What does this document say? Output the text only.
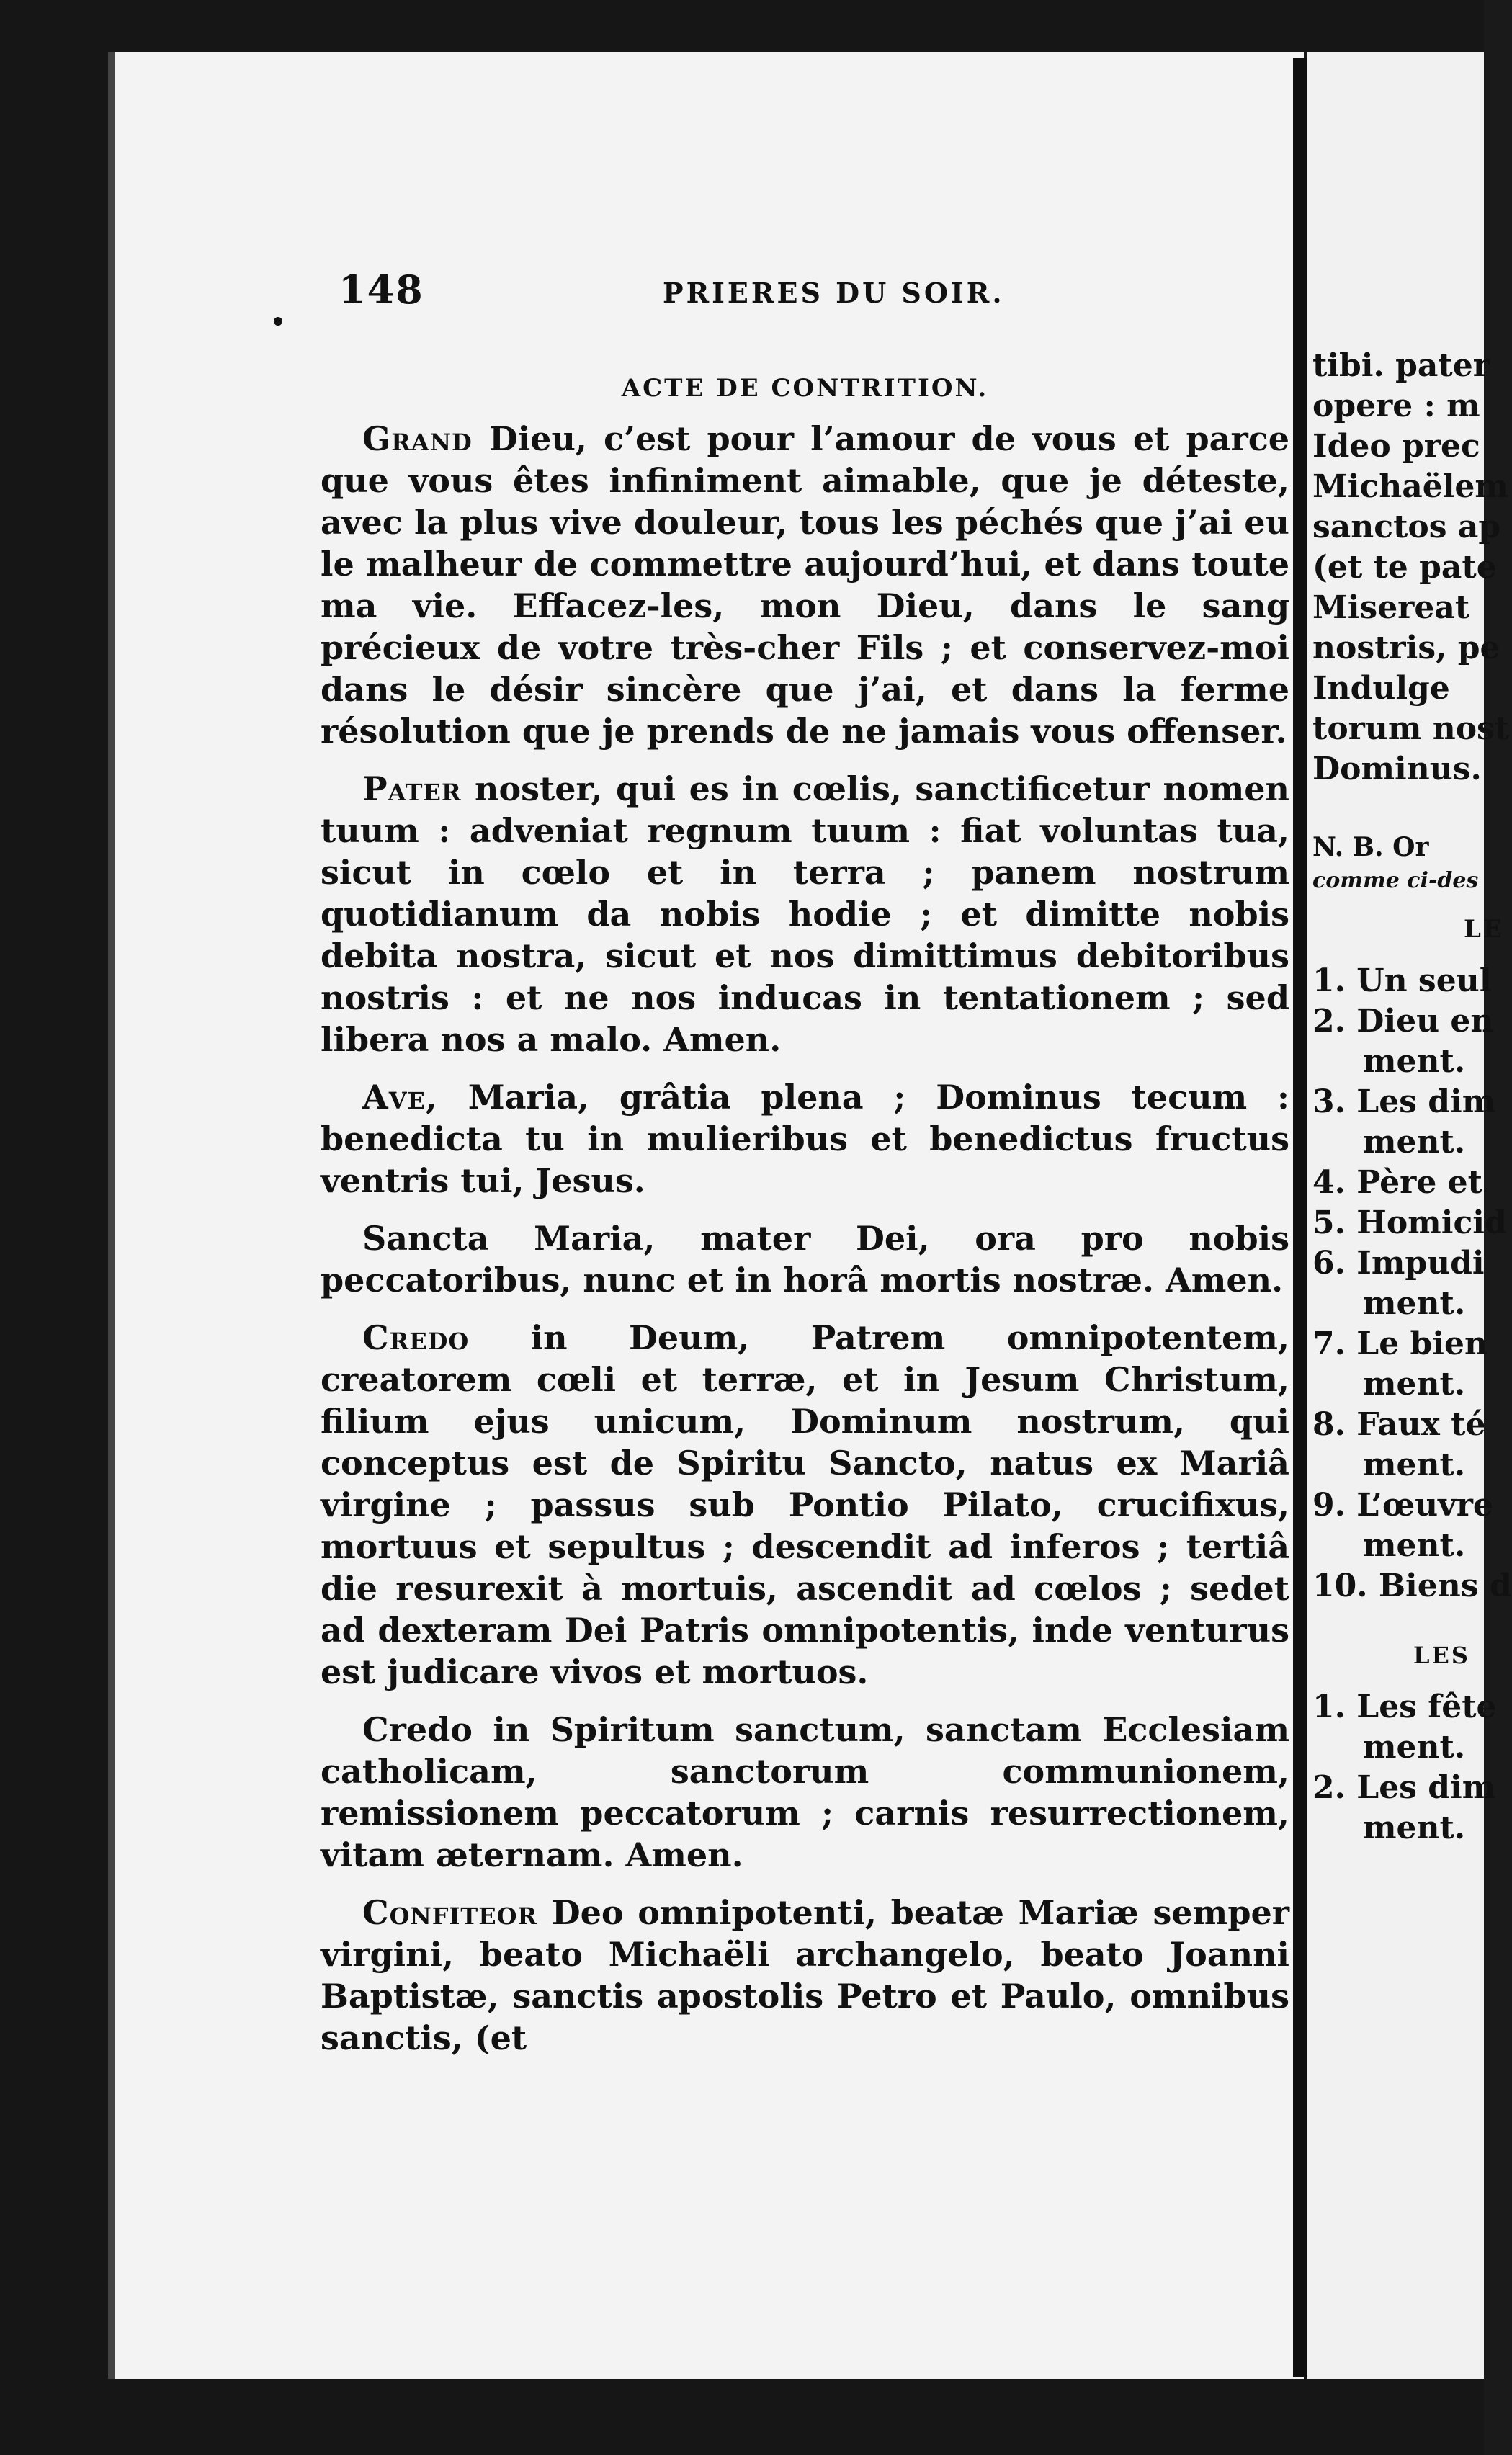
148	PRIERES DU SOIR.
ACTE DE CONTRITION.

Grand Dieu, c’est pour l’amour de vous et parce que vous êtes infiniment aimable, que je déteste, avec la plus vive douleur, tous les péchés que j’ai eu le malheur de commettre aujourd’hui, et dans toute ma vie. Effacez-les, mon Dieu, dans le sang précieux de votre très-cher Fils ; et conservez-moi dans le désir sincère que j’ai, et dans la ferme résolution que je prends de ne jamais vous offenser.

Pater noster, qui es in cœlis, sanctificetur nomen tuum : adveniat regnum tuum : fiat voluntas tua, sicut in cœlo et in terra ; panem nostrum quotidianum da nobis hodie ; et dimitte nobis debita nostra, sicut et nos dimittimus debitoribus nostris : et ne nos inducas in tentationem ; sed libera nos a malo. Amen.

Ave, Maria, grâtia plena ; Dominus tecum : benedicta tu in mulieribus et benedictus fructus ventris tui, Jesus.

Sancta Maria, mater Dei, ora pro nobis peccatoribus, nunc et in horâ mortis nostræ. Amen.

Credo in Deum, Patrem omnipotentem, creatorem cœli et terræ, et in Jesum Christum, filium ejus unicum, Dominum nostrum, qui conceptus est de Spiritu Sancto, natus ex Mariâ virgine ; passus sub Pontio Pilato, crucifixus, mortuus et sepultus ; descendit ad inferos ; tertiâ die resurexit à mortuis, ascendit ad cœlos ; sedet ad dexteram Dei Patris omnipotentis, inde venturus est judicare vivos et mortuos.

Credo in Spiritum sanctum, sanctam Ecclesiam catholicam, sanctorum communionem, remissionem peccatorum ; carnis resurrectionem, vitam æternam. Amen.

Confiteor Deo omnipotenti, beatæ Mariæ semper virgini, beato Michaëli archangelo, beato Joanni Baptistæ, sanctis apostolis Petro et Paulo, omnibus sanctis, (et

tibi. pater
opere : m
Ideo prec
Michaëlem
sanctos ap
(et te pate
Misereat
nostris, pe
Indulge
torum nost
Dominus.
N. B. Or
comme ci-des
LE
1. Un seul
2. Dieu en
ment.
3. Les dim
ment.
4. Père et
5. Homicid
6. Impudi
ment.
7. Le bien
ment.
8. Faux té
ment.
9. L’œuvre
ment.
10. Biens d
LES
1. Les fête
ment.
2. Les dim
ment.
